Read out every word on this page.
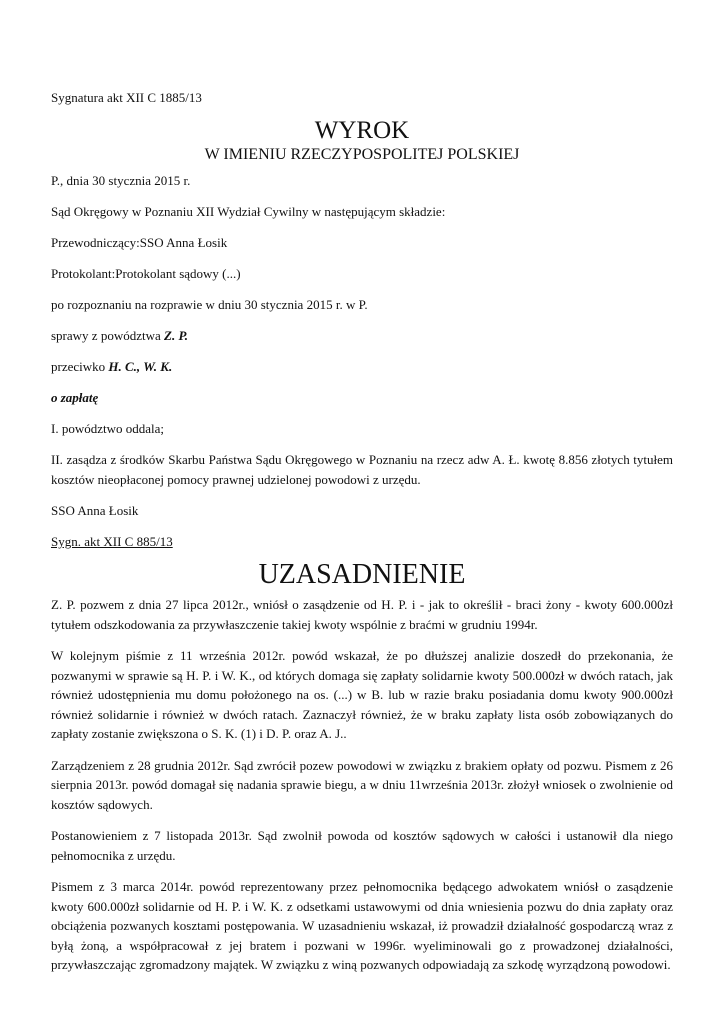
Sygnatura akt XII C 1885/13

WYROK

W IMIENIU RZECZYPOSPOLITEJ POLSKIEJ

P., dnia 30 stycznia 2015 r.

Sąd Okręgowy w Poznaniu XII Wydział Cywilny w następującym składzie:

Przewodniczący:SSO Anna Łosik

Protokolant:Protokolant sądowy (...)

po rozpoznaniu na rozprawie w dniu 30 stycznia 2015 r. w P.

sprawy z powództwa Z. P.

przeciwko H. C., W. K.

o zapłatę

I. powództwo oddala;

II. zasądza z środków Skarbu Państwa Sądu Okręgowego w Poznaniu na rzecz adw A. Ł. kwotę 8.856 złotych tytułem kosztów nieopłaconej pomocy prawnej udzielonej powodowi z urzędu.

SSO Anna Łosik

Sygn. akt XII C 885/13

UZASADNIENIE

Z. P. pozwem z dnia 27 lipca 2012r., wniósł o zasądzenie od H. P. i - jak to określił - braci żony - kwoty 600.000zł tytułem odszkodowania za przywłaszczenie takiej kwoty wspólnie z braćmi w grudniu 1994r.

W kolejnym piśmie z 11 września 2012r. powód wskazał, że po dłuższej analizie doszedł do przekonania, że pozwanymi w sprawie są H. P. i W. K., od których domaga się zapłaty solidarnie kwoty 500.000zł w dwóch ratach, jak również udostępnienia mu domu położonego na os. (...) w B. lub w razie braku posiadania domu kwoty 900.000zł również solidarnie i również w dwóch ratach. Zaznaczył również, że w braku zapłaty lista osób zobowiązanych do zapłaty zostanie zwiększona o S. K. (1) i D. P. oraz A. J..

Zarządzeniem z 28 grudnia 2012r. Sąd zwrócił pozew powodowi w związku z brakiem opłaty od pozwu. Pismem z 26 sierpnia 2013r. powód domagał się nadania sprawie biegu, a w dniu 11września 2013r. złożył wniosek o zwolnienie od kosztów sądowych.

Postanowieniem z 7 listopada 2013r. Sąd zwolnił powoda od kosztów sądowych w całości i ustanowił dla niego pełnomocnika z urzędu.

Pismem z 3 marca 2014r. powód reprezentowany przez pełnomocnika będącego adwokatem wniósł o zasądzenie kwoty 600.000zł solidarnie od H. P. i W. K. z odsetkami ustawowymi od dnia wniesienia pozwu do dnia zapłaty oraz obciążenia pozwanych kosztami postępowania. W uzasadnieniu wskazał, iż prowadził działalność gospodarczą wraz z byłą żoną, a współpracował z jej bratem i pozwani w 1996r. wyeliminowali go z prowadzonej działalności, przywłaszczając zgromadzony majątek. W związku z winą pozwanych odpowiadają za szkodę wyrządzoną powodowi.
